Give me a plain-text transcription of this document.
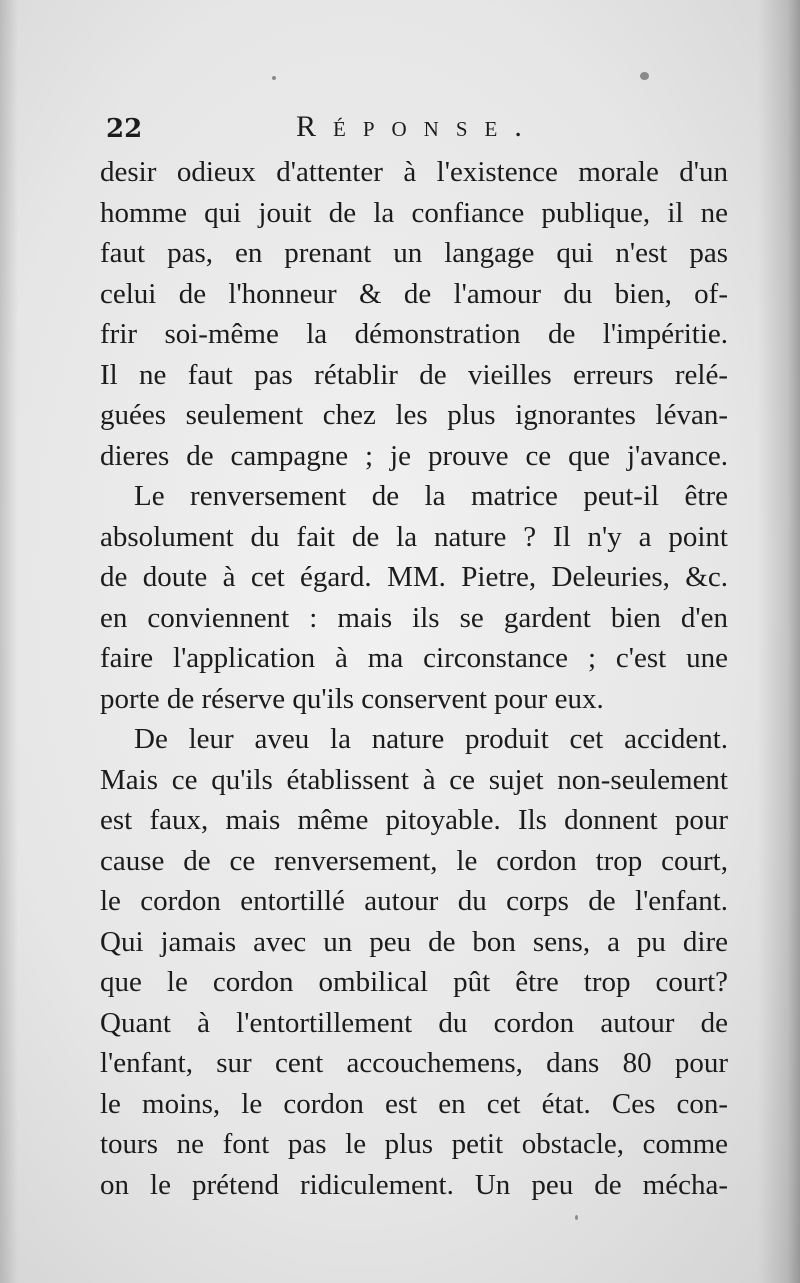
22	Réponse.
desir odieux d'attenter à l'existence morale d'un
homme qui jouit de la confiance publique, il ne
faut pas, en prenant un langage qui n'est pas
celui de l'honneur & de l'amour du bien, of-
frir soi-même la démonstration de l'impéritie.
Il ne faut pas rétablir de vieilles erreurs relé-
guées seulement chez les plus ignorantes lévan-
dieres de campagne ; je prouve ce que j'avance.
Le renversement de la matrice peut-il être
absolument du fait de la nature ? Il n'y a point
de doute à cet égard. MM. Pietre, Deleuries, &c.
en conviennent : mais ils se gardent bien d'en
faire l'application à ma circonstance ; c'est une
porte de réserve qu'ils conservent pour eux.
De leur aveu la nature produit cet accident.
Mais ce qu'ils établissent à ce sujet non-seulement
est faux, mais même pitoyable. Ils donnent pour
cause de ce renversement, le cordon trop court,
le cordon entortillé autour du corps de l'enfant.
Qui jamais avec un peu de bon sens, a pu dire
que le cordon ombilical pût être trop court?
Quant à l'entortillement du cordon autour de
l'enfant, sur cent accouchemens, dans 80 pour
le moins, le cordon est en cet état. Ces con-
tours ne font pas le plus petit obstacle, comme
on le prétend ridiculement. Un peu de mécha-
